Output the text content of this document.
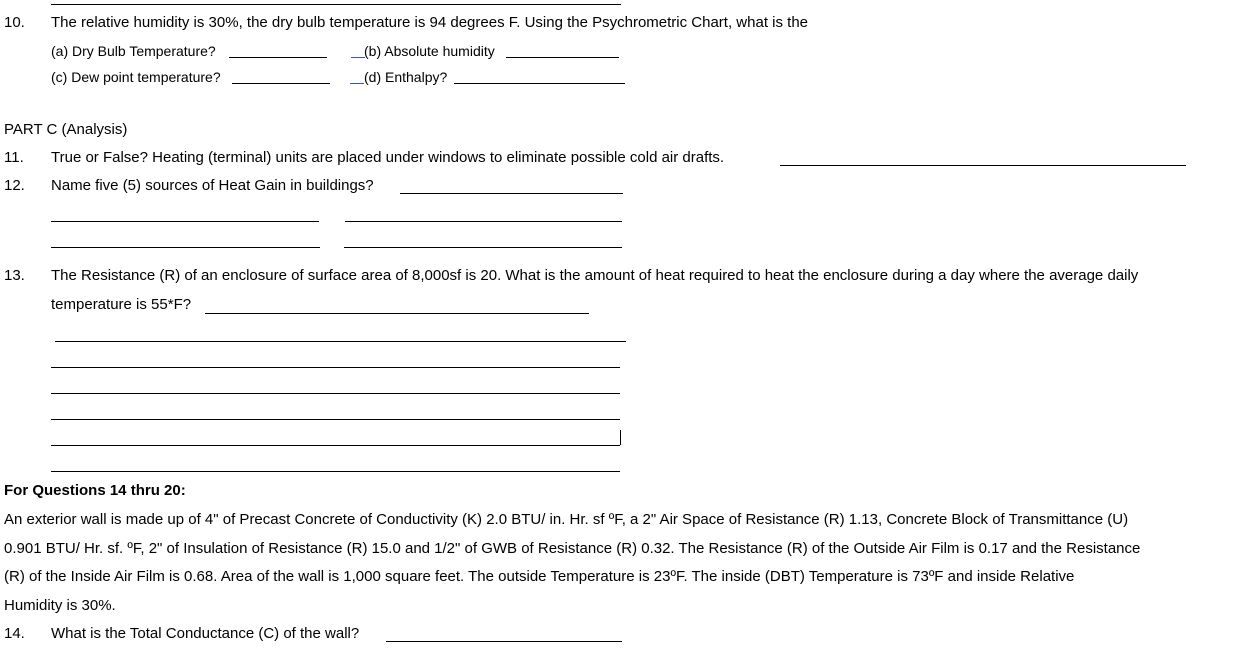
10. The relative humidity is 30%, the dry bulb temperature is 94 degrees F. Using the Psychrometric Chart, what is the
(a) Dry Bulb Temperature?	(b) Absolute humidity
(c) Dew point temperature?	(d) Enthalpy?
PART C (Analysis)
11. True or False? Heating (terminal) units are placed under windows to eliminate possible cold air drafts.
12. Name five (5) sources of Heat Gain in buildings?
13. The Resistance (R) of an enclosure of surface area of 8,000sf is 20. What is the amount of heat required to heat the enclosure during a day where the average daily
temperature is 55*F?
For Questions 14 thru 20:
An exterior wall is made up of 4" of Precast Concrete of Conductivity (K) 2.0 BTU/ in. Hr. sf ºF, a 2" Air Space of Resistance (R) 1.13, Concrete Block of Transmittance (U)
0.901 BTU/ Hr. sf. ºF, 2" of Insulation of Resistance (R) 15.0 and 1/2" of GWB of Resistance (R) 0.32. The Resistance (R) of the Outside Air Film is 0.17 and the Resistance
(R) of the Inside Air Film is 0.68. Area of the wall is 1,000 square feet. The outside Temperature is 23ºF. The inside (DBT) Temperature is 73ºF and inside Relative
Humidity is 30%.
14. What is the Total Conductance (C) of the wall?
